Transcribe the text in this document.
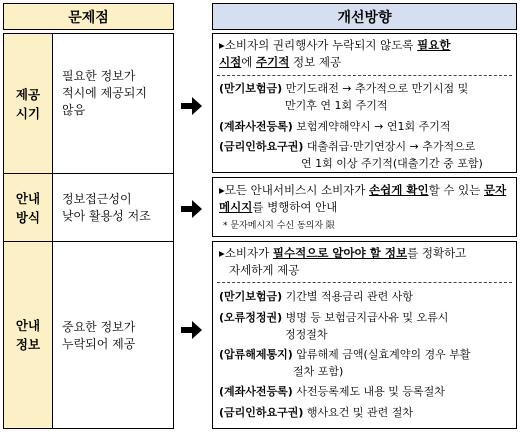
문제점	개선방향
제공
시기
필요한 정보가
적시에 제공되지
않음
안내
방식
정보접근성이
낮아 활용성 저조
안내
정보
중요한 정보가
누락되어 제공
▸소비자의 권리행사가 누락되지 않도록 필요한
시점에 주기적 정보 제공
(만기보험금) 만기도래전 → 추가적으로 만기시점 및
만기후 연 1회 주기적
(계좌사전등록) 보험계약해약시 → 연1회 주기적
(금리인하요구권) 대출취급·만기연장시 → 추가적으로
연 1회 이상 주기적(대출기간 중 포함)
▸모든 안내서비스시 소비자가 손쉽게 확인할 수 있는 문자
메시지를 병행하여 안내
* 문자메시지 수신 동의자 限
▸소비자가 필수적으로 알아야 할 정보를 정확하고
자세하게 제공
(만기보험금) 기간별 적용금리 관련 사항
(오류정정권) 병명 등 보험금지급사유 및 오류시
정정절차
(압류해제통지) 압류해제 금액(실효계약의 경우 부활
절차 포함)
(계좌사전등록) 사전등록제도 내용 및 등록절차
(금리인하요구권) 행사요건 및 관련 절차
